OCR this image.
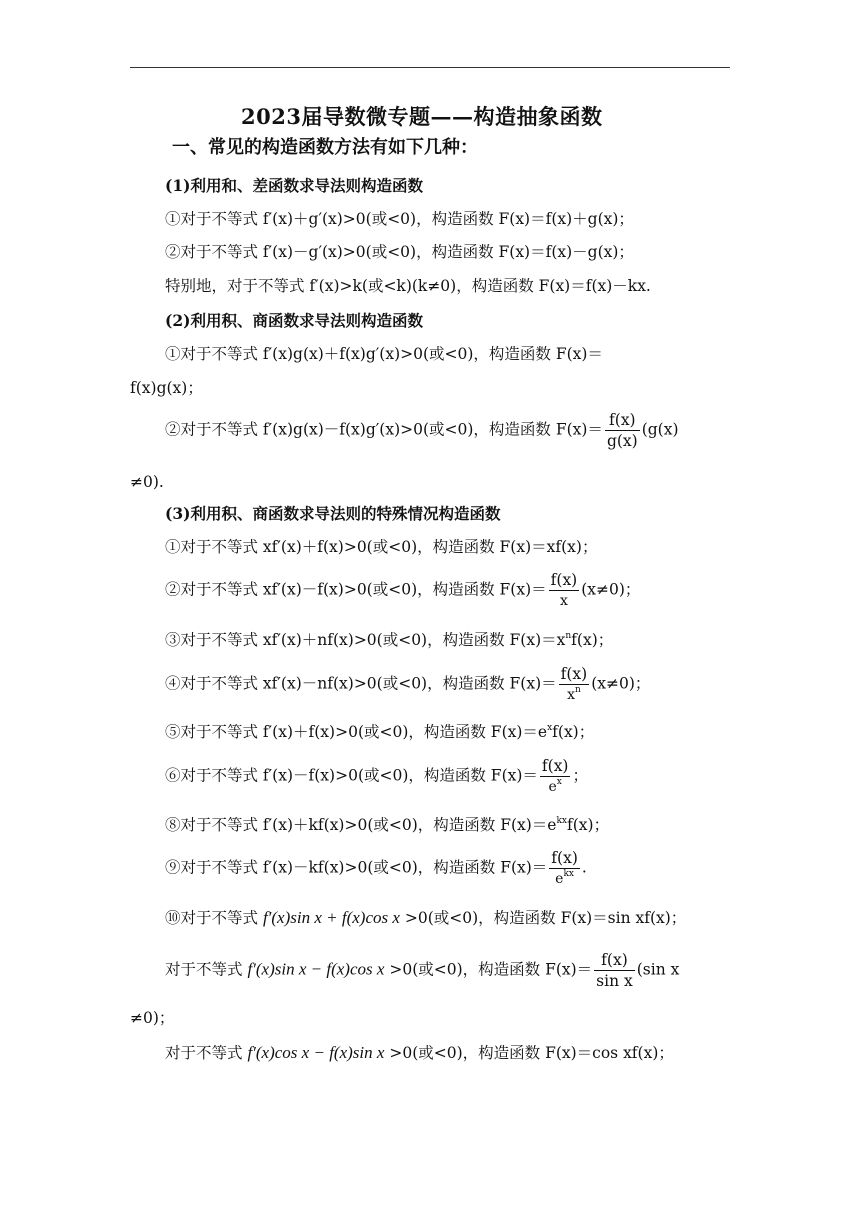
2023届导数微专题——构造抽象函数
一、常见的构造函数方法有如下几种：
(1)利用和、差函数求导法则构造函数
①对于不等式 f′(x)＋g′(x)>0(或<0)，构造函数 F(x)＝f(x)＋g(x)；
②对于不等式 f′(x)－g′(x)>0(或<0)，构造函数 F(x)＝f(x)－g(x)；
特别地，对于不等式 f′(x)>k(或<k)(k≠0)，构造函数 F(x)＝f(x)－kx.
(2)利用积、商函数求导法则构造函数
①对于不等式 f′(x)g(x)＋f(x)g′(x)>0(或<0)，构造函数 F(x)＝
f(x)g(x)；
②对于不等式 f′(x)g(x)－f(x)g′(x)>0(或<0)，构造函数 $F(x)= \frac{f(x)}{g(x)} (g(x)$
≠0).
(3)利用积、商函数求导法则的特殊情况构造函数
①对于不等式 xf′(x)＋f(x)>0(或<0)，构造函数 F(x)＝xf(x)；
②对于不等式 xf′(x)－f(x)>0(或<0)，构造函数 $F(x)= \frac{f(x)}{x} (x\ne 0)$；
③对于不等式 xf′(x)＋nf(x)>0(或<0)，构造函数 $F(x)=x^nf(x)$；
④对于不等式 xf′(x)－nf(x)>0(或<0)，构造函数 $F(x)= \frac{f(x)}{x^n} (x\ne 0)$；
⑤对于不等式 f′(x)＋f(x)>0(或<0)，构造函数 $F(x)=e^xf(x)$；
⑥对于不等式 f′(x)－f(x)>0(或<0)，构造函数 $F(x)= \frac{f(x)}{e^x}$ ；
⑧对于不等式 f′(x)＋kf(x)>0(或<0)，构造函数 $F(x)=e^{kx}f(x)$；
⑨对于不等式 f′(x)－kf(x)>0(或<0)，构造函数 $F(x)= \frac{f(x)}{e^{kx}}$ .
⑩对于不等式 f′(x)sin x + f(x)cos x >0(或<0)，构造函数 F(x)＝sin xf(x)；
对于不等式 f′(x)sin x − f(x)cos x >0(或<0)，构造函数 $F(x)= \frac{f(x)}{\text{sin x}} (\sin$ x
≠0)；
对于不等式 f′(x)cos x − f(x)sin x >0(或<0)，构造函数 F(x)＝cos xf(x)；
